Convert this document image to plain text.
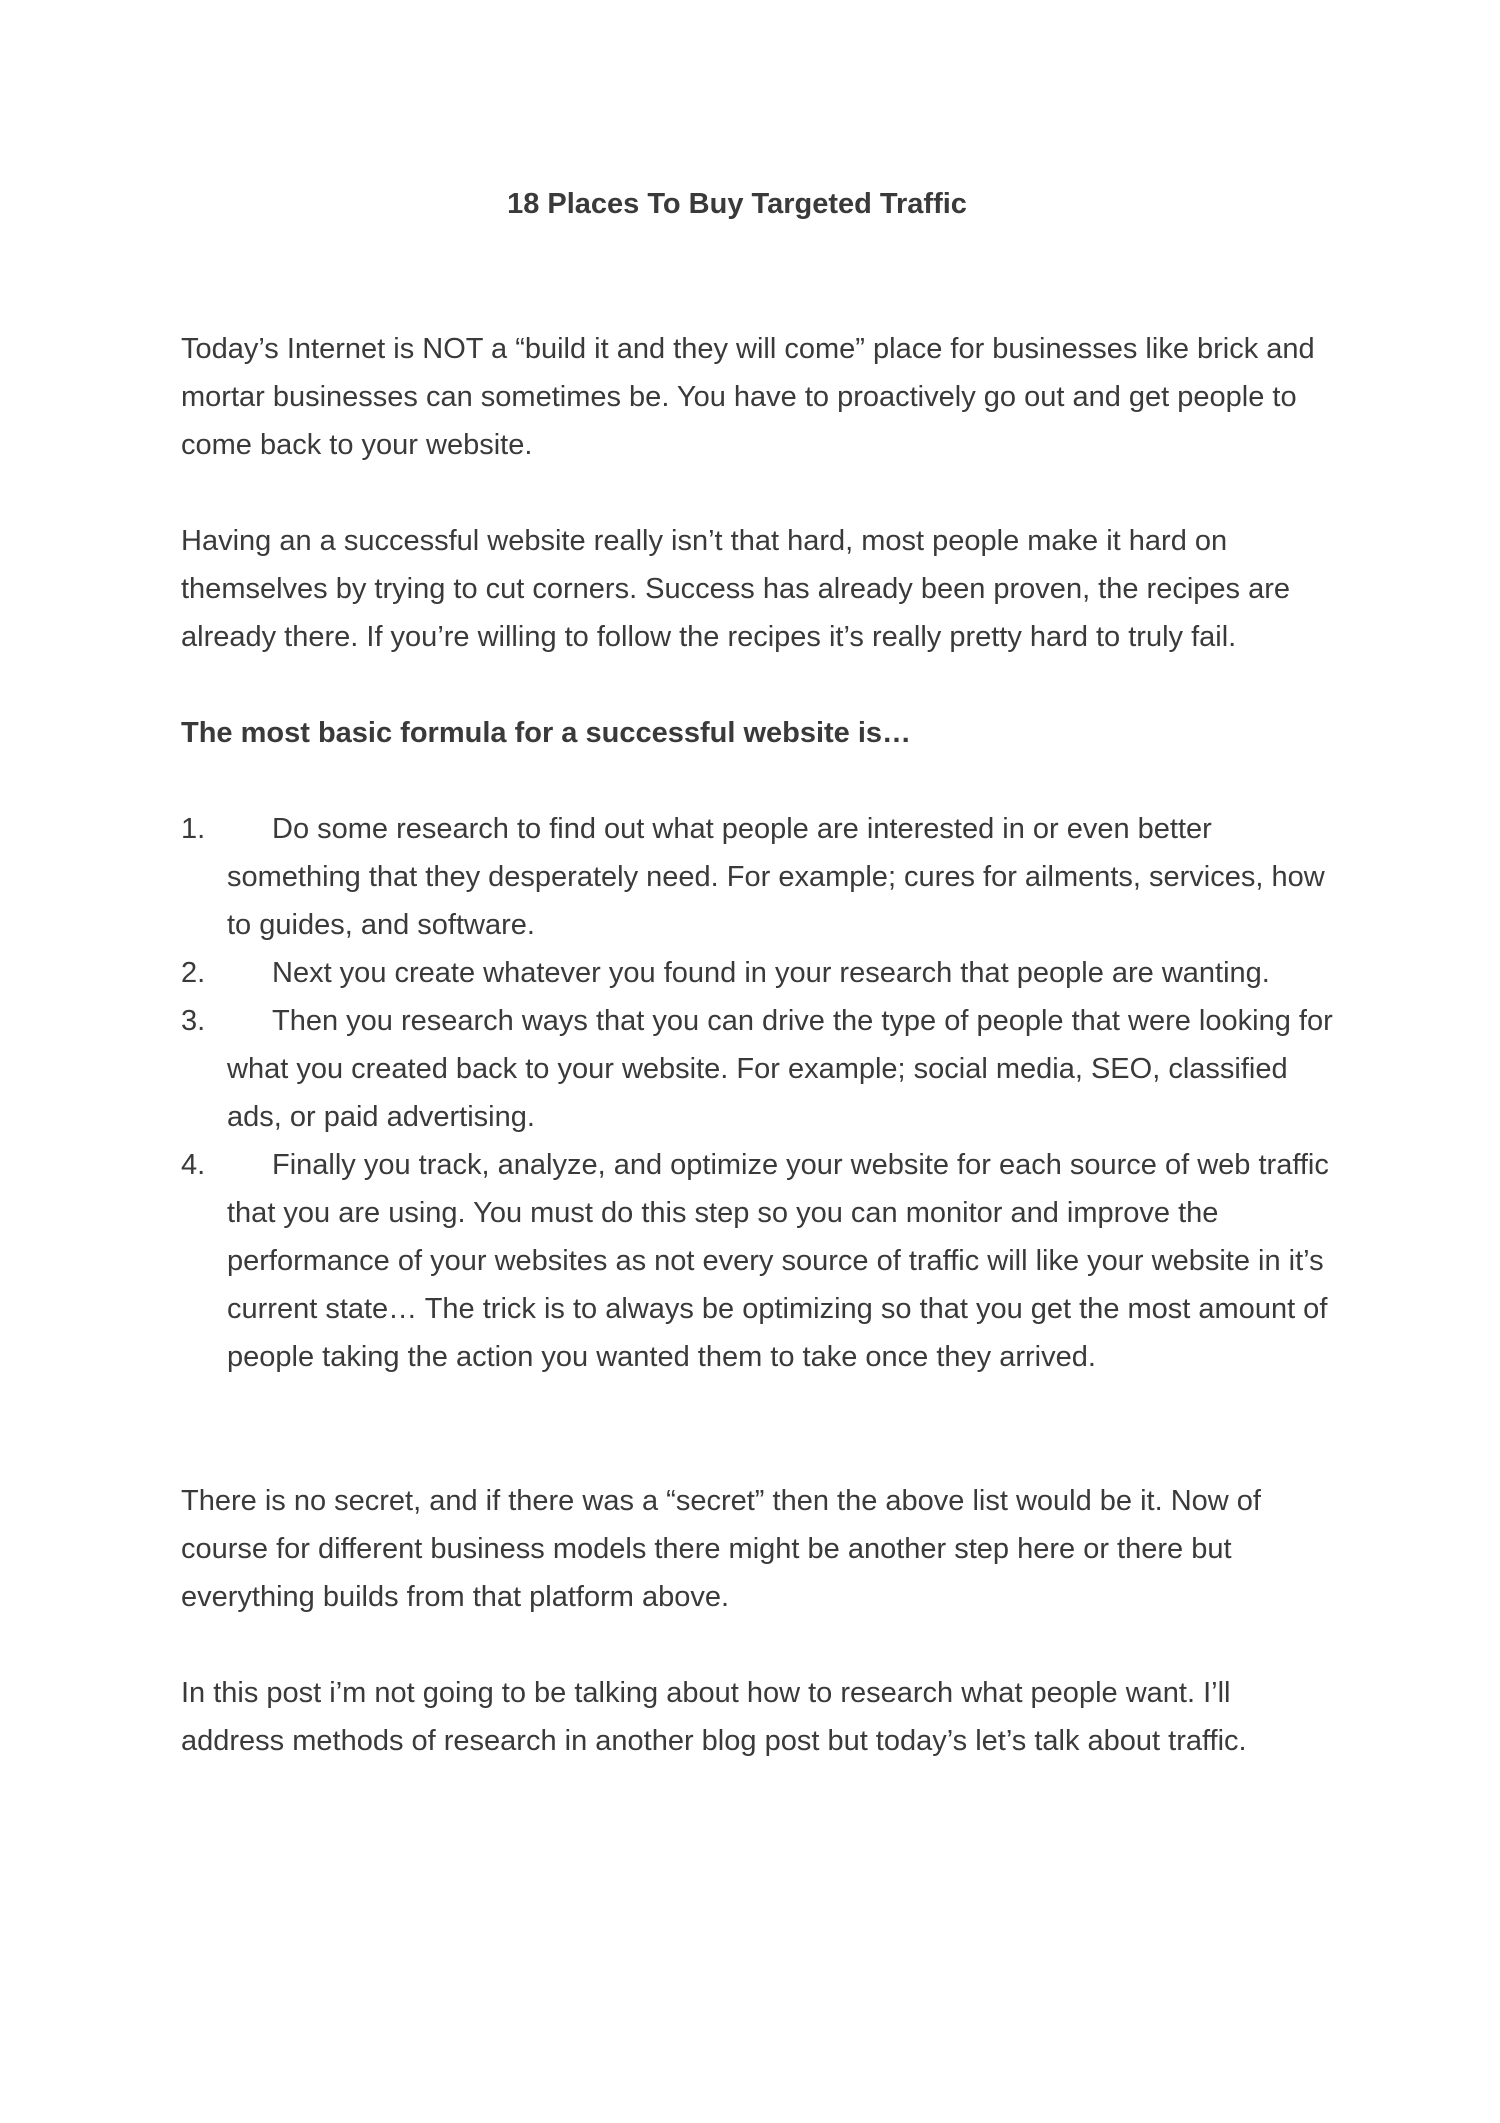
18 Places To Buy Targeted Traffic

Today’s Internet is NOT a “build it and they will come” place for businesses like brick and mortar businesses can sometimes be. You have to proactively go out and get people to come back to your website.

Having an a successful website really isn’t that hard, most people make it hard on themselves by trying to cut corners. Success has already been proven, the recipes are already there. If you’re willing to follow the recipes it’s really pretty hard to truly fail.

The most basic formula for a successful website is…

1.	Do some research to find out what people are interested in or even better something that they desperately need. For example; cures for ailments, services, how to guides, and software.
2.	Next you create whatever you found in your research that people are wanting.
3.	Then you research ways that you can drive the type of people that were looking for what you created back to your website. For example; social media, SEO, classified ads, or paid advertising.
4.	Finally you track, analyze, and optimize your website for each source of web traffic that you are using. You must do this step so you can monitor and improve the performance of your websites as not every source of traffic will like your website in it’s current state… The trick is to always be optimizing so that you get the most amount of people taking the action you wanted them to take once they arrived.

There is no secret, and if there was a “secret” then the above list would be it. Now of course for different business models there might be another step here or there but everything builds from that platform above.

In this post i’m not going to be talking about how to research what people want. I’ll address methods of research in another blog post but today’s let’s talk about traffic.
